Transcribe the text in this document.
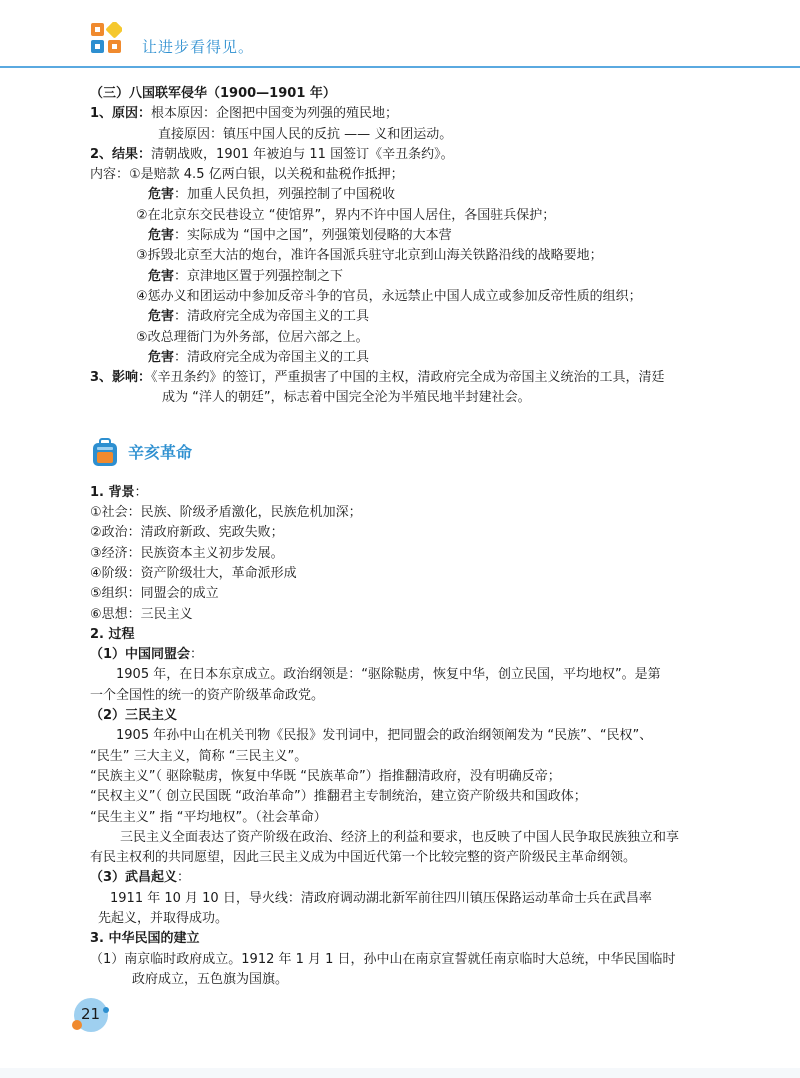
让进步看得见。
（三）八国联军侵华（1900—1901 年）
1、原因：根本原因：企图把中国变为列强的殖民地；
直接原因：镇压中国人民的反抗 —— 义和团运动。
2、结果：清朝战败，1901 年被迫与 11 国签订《辛丑条约》。
内容：①是赔款 4.5 亿两白银，以关税和盐税作抵押；
危害：加重人民负担，列强控制了中国税收
②在北京东交民巷设立 “使馆界”，界内不许中国人居住，各国驻兵保护；
危害：实际成为 “国中之国”，列强策划侵略的大本营
③拆毁北京至大沽的炮台，准许各国派兵驻守北京到山海关铁路沿线的战略要地；
危害：京津地区置于列强控制之下
④惩办义和团运动中参加反帝斗争的官员，永远禁止中国人成立或参加反帝性质的组织；
危害：清政府完全成为帝国主义的工具
⑤改总理衙门为外务部，位居六部之上。
危害：清政府完全成为帝国主义的工具
3、影响：《辛丑条约》的签订，严重损害了中国的主权，清政府完全成为帝国主义统治的工具，清廷
成为 “洋人的朝廷”，标志着中国完全沦为半殖民地半封建社会。
辛亥革命
1. 背景：
①社会：民族、阶级矛盾激化，民族危机加深；
②政治：清政府新政、宪政失败；
③经济：民族资本主义初步发展。
④阶级：资产阶级壮大，革命派形成
⑤组织：同盟会的成立
⑥思想：三民主义
2. 过程
（1）中国同盟会：
1905 年，在日本东京成立。政治纲领是：“驱除鞑虏，恢复中华，创立民国，平均地权”。是第
一个全国性的统一的资产阶级革命政党。
（2）三民主义
1905 年孙中山在机关刊物《民报》发刊词中，把同盟会的政治纲领阐发为 “民族”、“民权”、
“民生” 三大主义，简称 “三民主义”。
“民族主义”（ 驱除鞑虏，恢复中华既 “民族革命”）指推翻清政府，没有明确反帝；
“民权主义”（ 创立民国既 “政治革命”）推翻君主专制统治，建立资产阶级共和国政体；
“民生主义” 指 “平均地权”。（社会革命）
三民主义全面表达了资产阶级在政治、经济上的利益和要求，也反映了中国人民争取民族独立和享
有民主权利的共同愿望，因此三民主义成为中国近代第一个比较完整的资产阶级民主革命纲领。
（3）武昌起义：
1911 年 10 月 10 日，导火线：清政府调动湖北新军前往四川镇压保路运动革命士兵在武昌率
先起义，并取得成功。
3. 中华民国的建立
（1）南京临时政府成立。1912 年 1 月 1 日，孙中山在南京宣誓就任南京临时大总统，中华民国临时
政府成立，五色旗为国旗。
21
